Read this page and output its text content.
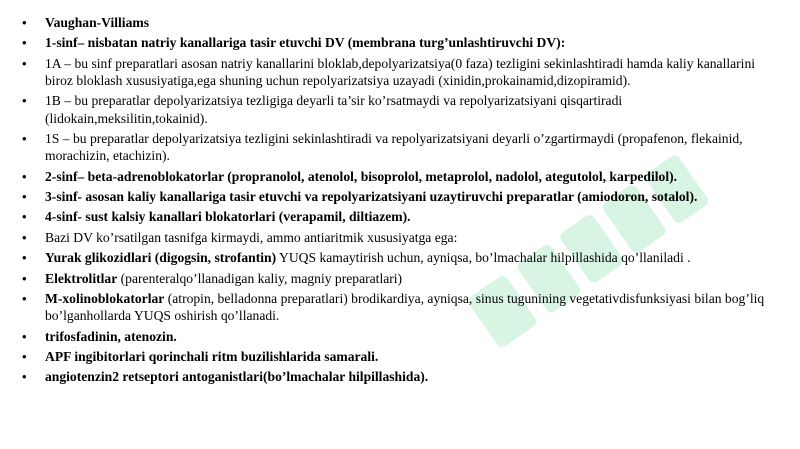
• Vaughan-Villiams
• 1-sinf– nisbatan natriy kanallariga tasir etuvchi DV (membrana turg’unlashtiruvchi DV):
• 1A – bu sinf preparatlari asosan natriy kanallarini bloklab,depolyarizatsiya(0 faza) tezligini sekinlashtiradi hamda kaliy kanallarini biroz bloklash xususiyatiga,ega shuning uchun repolyarizatsiya uzayadi (xinidin,prokainamid,dizopiramid).
• 1B – bu preparatlar depolyarizatsiya tezligiga deyarli ta’sir ko’rsatmaydi va repolyarizatsiyani qisqartiradi (lidokain,meksilitin,tokainid).
• 1S – bu preparatlar depolyarizatsiya tezligini sekinlashtiradi va repolyarizatsiyani deyarli o’zgartirmaydi (propafenon, flekainid, morachizin, etachizin).
• 2-sinf– beta-adrenoblokatorlar (propranolol, atenolol, bisoprolol, metaprolol, nadolol, ategutolol, karpedilol).
• 3-sinf- asosan kaliy kanallariga tasir etuvchi va repolyarizatsiyani uzaytiruvchi preparatlar (amiodoron, sotalol).
• 4-sinf- sust kalsiy kanallari blokatorlari (verapamil, diltiazem).
• Bazi DV ko’rsatilgan tasnifga kirmaydi, ammo antiaritmik xususiyatga ega:
• Yurak glikozidlari (digogsin, strofantin) YUQS kamaytirish uchun, ayniqsa, bo’lmachalar hilpillashida qo’llaniladi .
• Elektrolitlar (parenteralqo’llanadigan kaliy, magniy preparatlari)
• M-xolinoblokatorlar (atropin, belladonna preparatlari) brodikardiya, ayniqsa, sinus tugunining vegetativdisfunksiyasi bilan bog’liq bo’lganhollarda YUQS oshirish qo’llanadi.
• trifosfadinin, atenozin.
• APF ingibitorlari qorinchali ritm buzilishlarida samarali.
• angiotenzin2 retseptori antoganistlari(bo’lmachalar hilpillashida).
